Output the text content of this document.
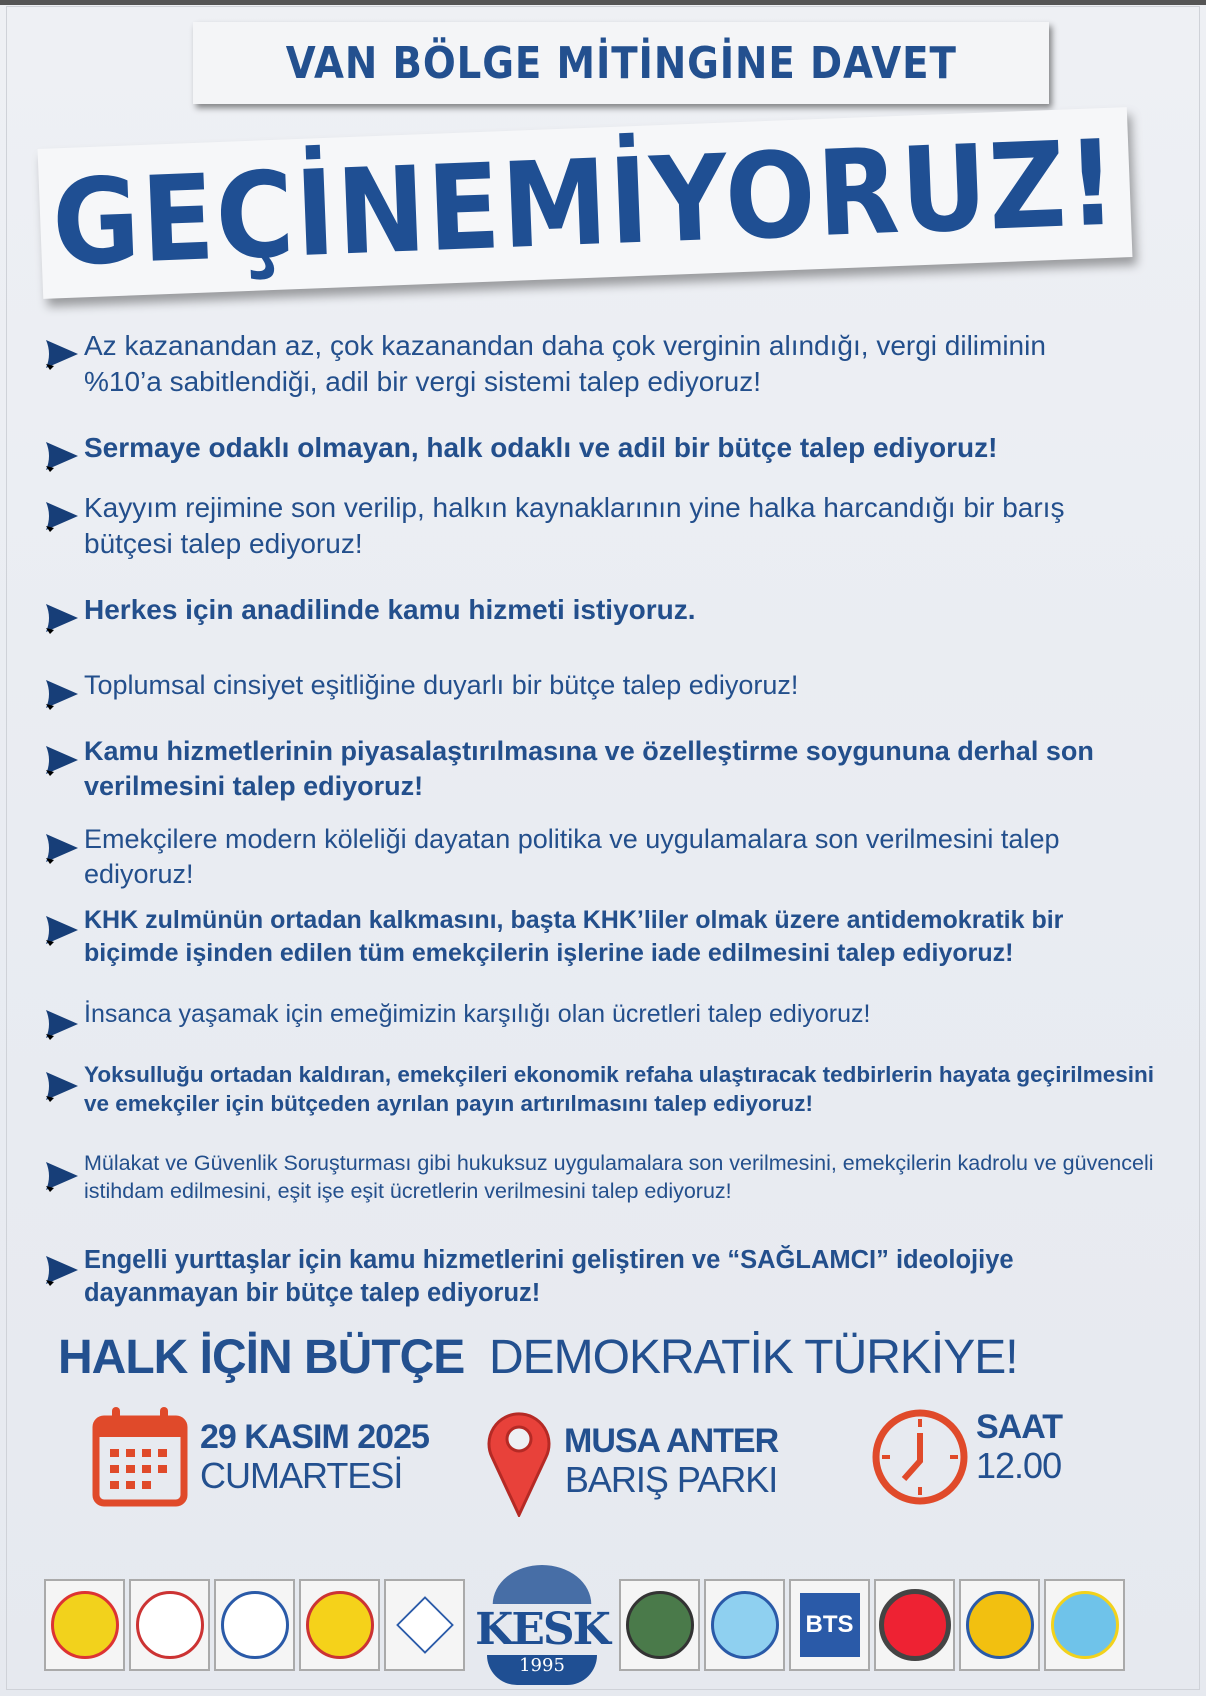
VAN BÖLGE MİTİNGİNE DAVET
GEÇİNEMİYORUZ!
Az kazanandan az, çok kazanandan daha çok verginin alındığı, vergi diliminin %10’a sabitlendiği, adil bir vergi sistemi talep ediyoruz!
Sermaye odaklı olmayan, halk odaklı ve adil bir bütçe talep ediyoruz!
Kayyım rejimine son verilip, halkın kaynaklarının yine halka harcandığı bir barış bütçesi talep ediyoruz!
Herkes için anadilinde kamu hizmeti istiyoruz.
Toplumsal cinsiyet eşitliğine duyarlı bir bütçe talep ediyoruz!
Kamu hizmetlerinin piyasalaştırılmasına ve özelleştirme soygununa derhal son verilmesini talep ediyoruz!
Emekçilere modern köleliği dayatan politika ve uygulamalara son verilmesini talep ediyoruz!
KHK zulmünün ortadan kalkmasını, başta KHK’liler olmak üzere antidemokratik bir biçimde işinden edilen tüm emekçilerin işlerine iade edilmesini talep ediyoruz!
İnsanca yaşamak için emeğimizin karşılığı olan ücretleri talep ediyoruz!
Yoksulluğu ortadan kaldıran, emekçileri ekonomik refaha ulaştıracak tedbirlerin hayata geçirilmesini ve emekçiler için bütçeden ayrılan payın artırılmasını talep ediyoruz!
Mülakat ve Güvenlik Soruşturması gibi hukuksuz uygulamalara son verilmesini, emekçilerin kadrolu ve güvenceli istihdam edilmesini, eşit işe eşit ücretlerin verilmesini talep ediyoruz!
Engelli yurttaşlar için kamu hizmetlerini geliştiren ve “SAĞLAMCI” ideolojiye dayanmayan bir bütçe talep ediyoruz!
HALK İÇİN BÜTÇE DEMOKRATİK TÜRKİYE!
29 KASIM 2025
CUMARTESİ
MUSA ANTER
BARIŞ PARKI
SAAT
12.00
KESK
1995
BTS
